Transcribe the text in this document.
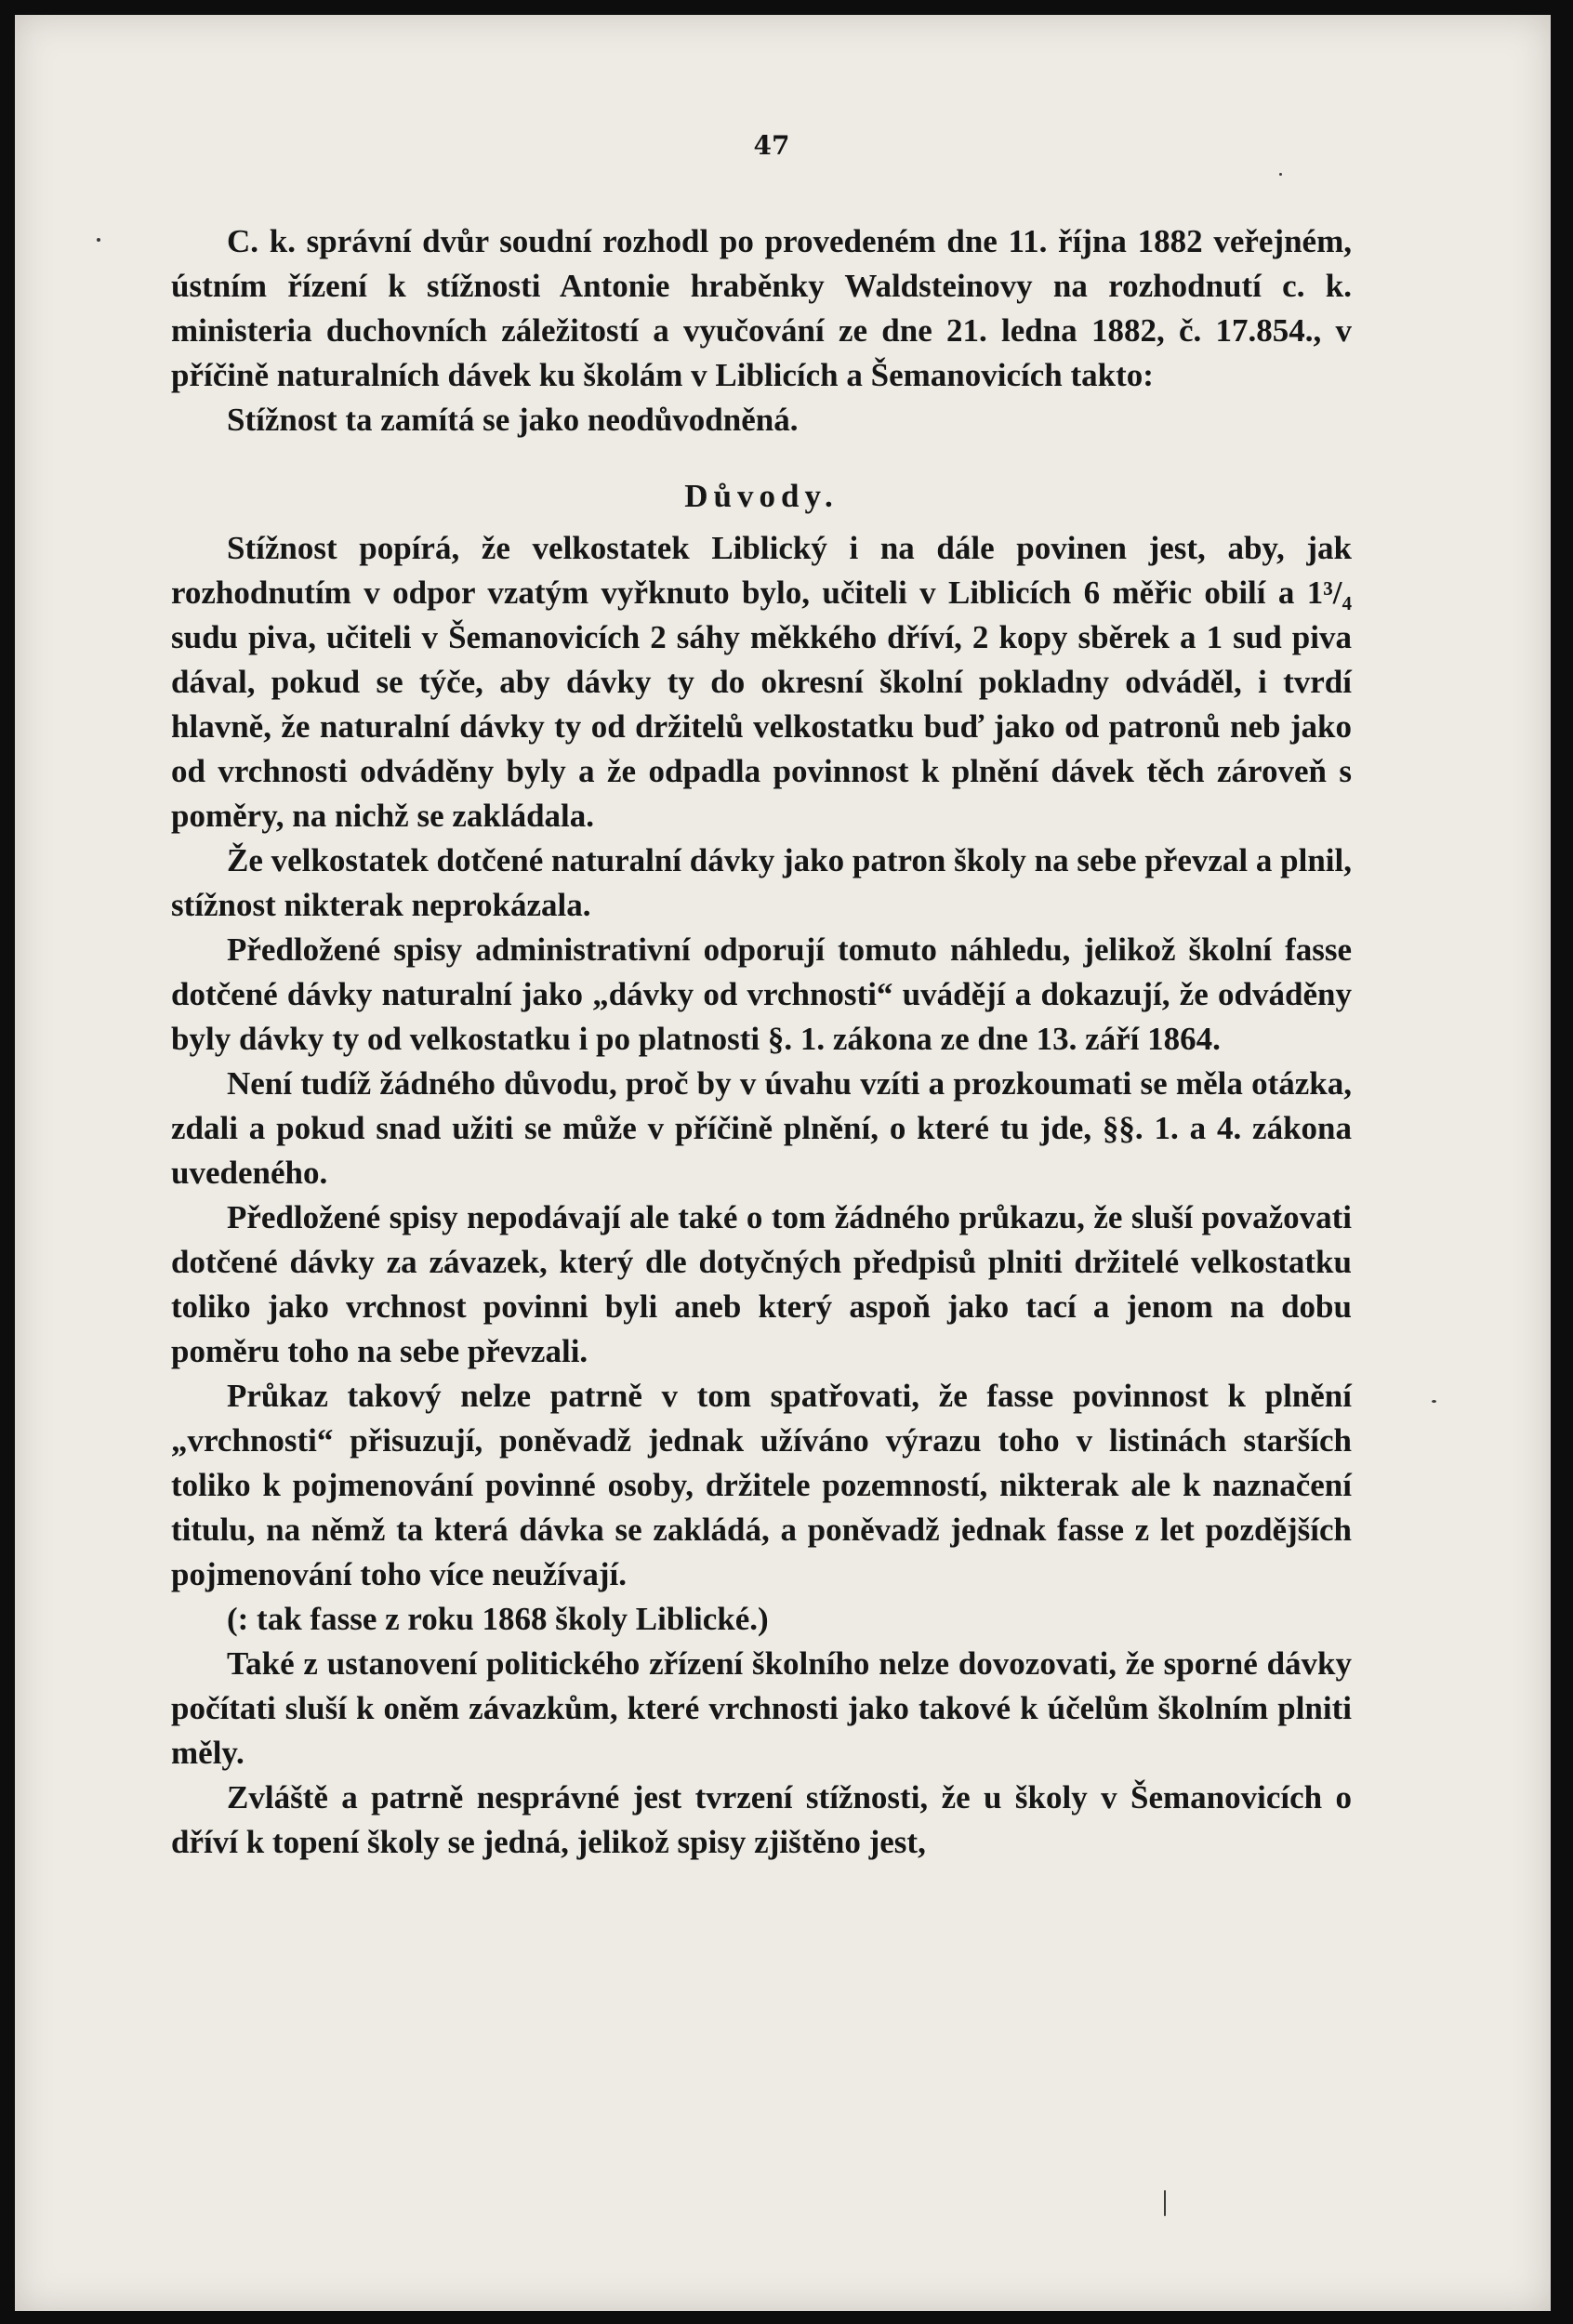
47

C. k. správní dvůr soudní rozhodl po provedeném dne 11. října 1882 veřejném, ústním řízení k stížnosti Antonie hraběnky Waldsteinovy na rozhodnutí c. k. ministeria duchovních záležitostí a vyučování ze dne 21. ledna 1882, č. 17.854., v příčině naturalních dávek ku školám v Liblicích a Šemanovicích takto:

Stížnost ta zamítá se jako neodůvodněná.

Důvody.

Stížnost popírá, že velkostatek Liblický i na dále povinen jest, aby, jak rozhodnutím v odpor vzatým vyřknuto bylo, učiteli v Liblicích 6 měřic obilí a 1³/₄ sudu piva, učiteli v Šemanovicích 2 sáhy měkkého dříví, 2 kopy sběrek a 1 sud piva dával, pokud se týče, aby dávky ty do okresní školní pokladny odváděl, i tvrdí hlavně, že naturalní dávky ty od držitelů velkostatku buď jako od patronů neb jako od vrchnosti odváděny byly a že odpadla povinnost k plnění dávek těch zároveň s poměry, na nichž se zakládala.

Že velkostatek dotčené naturalní dávky jako patron školy na sebe převzal a plnil, stížnost nikterak neprokázala.

Předložené spisy administrativní odporují tomuto náhledu, jelikož školní fasse dotčené dávky naturalní jako „dávky od vrchnosti“ uvádějí a dokazují, že odváděny byly dávky ty od velkostatku i po platnosti §. 1. zákona ze dne 13. září 1864.

Není tudíž žádného důvodu, proč by v úvahu vzíti a prozkoumati se měla otázka, zdali a pokud snad užiti se může v příčině plnění, o které tu jde, §§. 1. a 4. zákona uvedeného.

Předložené spisy nepodávají ale také o tom žádného průkazu, že sluší považovati dotčené dávky za závazek, který dle dotyčných předpisů plniti držitelé velkostatku toliko jako vrchnost povinni byli aneb který aspoň jako tací a jenom na dobu poměru toho na sebe převzali.

Průkaz takový nelze patrně v tom spatřovati, že fasse povinnost k plnění „vrchnosti“ přisuzují, poněvadž jednak užíváno výrazu toho v listinách starších toliko k pojmenování povinné osoby, držitele pozemností, nikterak ale k naznačení titulu, na němž ta která dávka se zakládá, a poněvadž jednak fasse z let pozdějších pojmenování toho více neužívají.

(: tak fasse z roku 1868 školy Liblické.)

Také z ustanovení politického zřízení školního nelze dovozovati, že sporné dávky počítati sluší k oněm závazkům, které vrchnosti jako takové k účelům školním plniti měly.

Zvláště a patrně nesprávné jest tvrzení stížnosti, že u školy v Šemanovicích o dříví k topení školy se jedná, jelikož spisy zjištěno jest,
